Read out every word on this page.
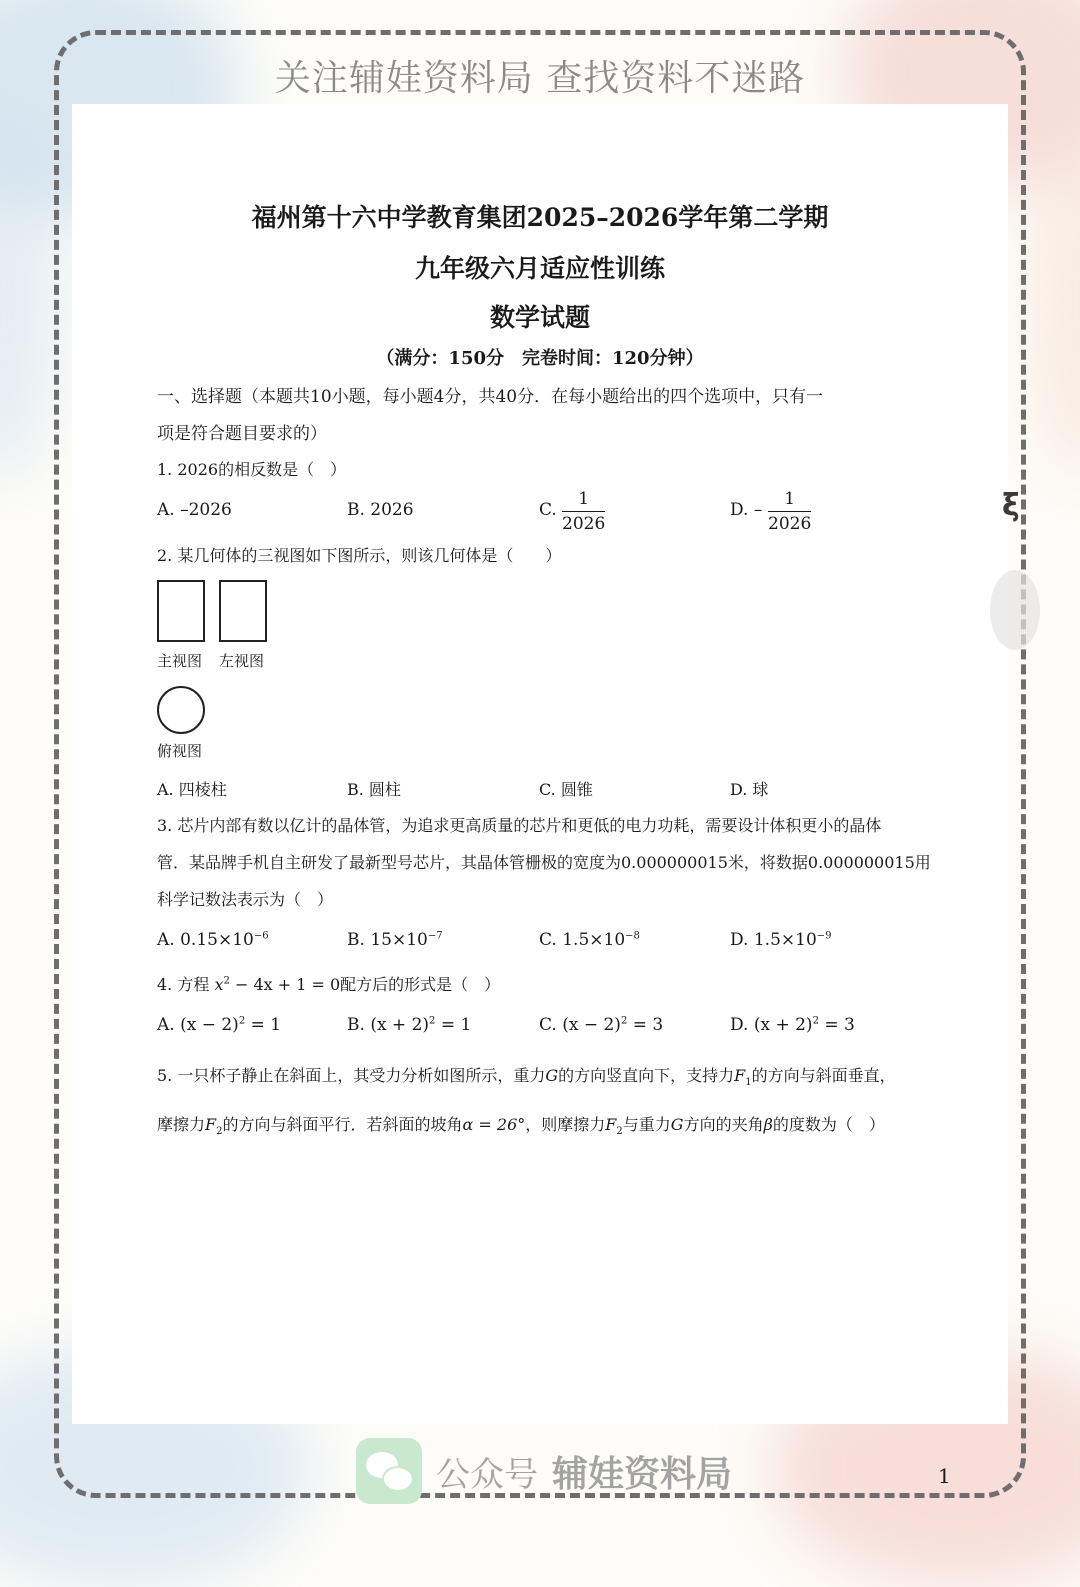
关注辅娃资料局 查找资料不迷路
ξ
福州第十六中学教育集团2025–2026学年第二学期
九年级六月适应性训练
数学试题
（满分：150分　完卷时间：120分钟）
一、选择题（本题共10小题，每小题4分，共40分．在每小题给出的四个选项中，只有一
项是符合题目要求的）
1. 2026的相反数是（　）
A. –2026	B. 2026	C. $\frac{1}{2026}$	D. – $\frac{1}{2026}$
2. 某几何体的三视图如下图所示，则该几何体是（　　）
主视图 左视图
俯视图
A. 四棱柱	B. 圆柱	C. 圆锥	D. 球
3. 芯片内部有数以亿计的晶体管，为追求更高质量的芯片和更低的电力功耗，需要设计体积更小的晶体
管．某品牌手机自主研发了最新型号芯片，其晶体管栅极的宽度为0.000000015米，将数据0.000000015用
科学记数法表示为（　）
A. $0.15\times 10^{-6}$	B. $15\times 10^{-7}$	C. $1.5\times 10^{-8}$	D. $1.5\times 10^{-9}$
4. 方程 $x^2 - 4x + 1 = 0$配方后的形式是（　）
A. $(x - 2)^2 = 1$	B. $(x + 2)^2 = 1$	C. $(x - 2)^2 = 3$	D. $(x + 2)^2 = 3$
5. 一只杯子静止在斜面上，其受力分析如图所示，重力G的方向竖直向下，支持力$F_1$的方向与斜面垂直，
摩擦力$F_2$的方向与斜面平行．若斜面的坡角α = 26°，则摩擦力$F_2$与重力G方向的夹角β的度数为（　）
公众号 辅娃资料局	1
